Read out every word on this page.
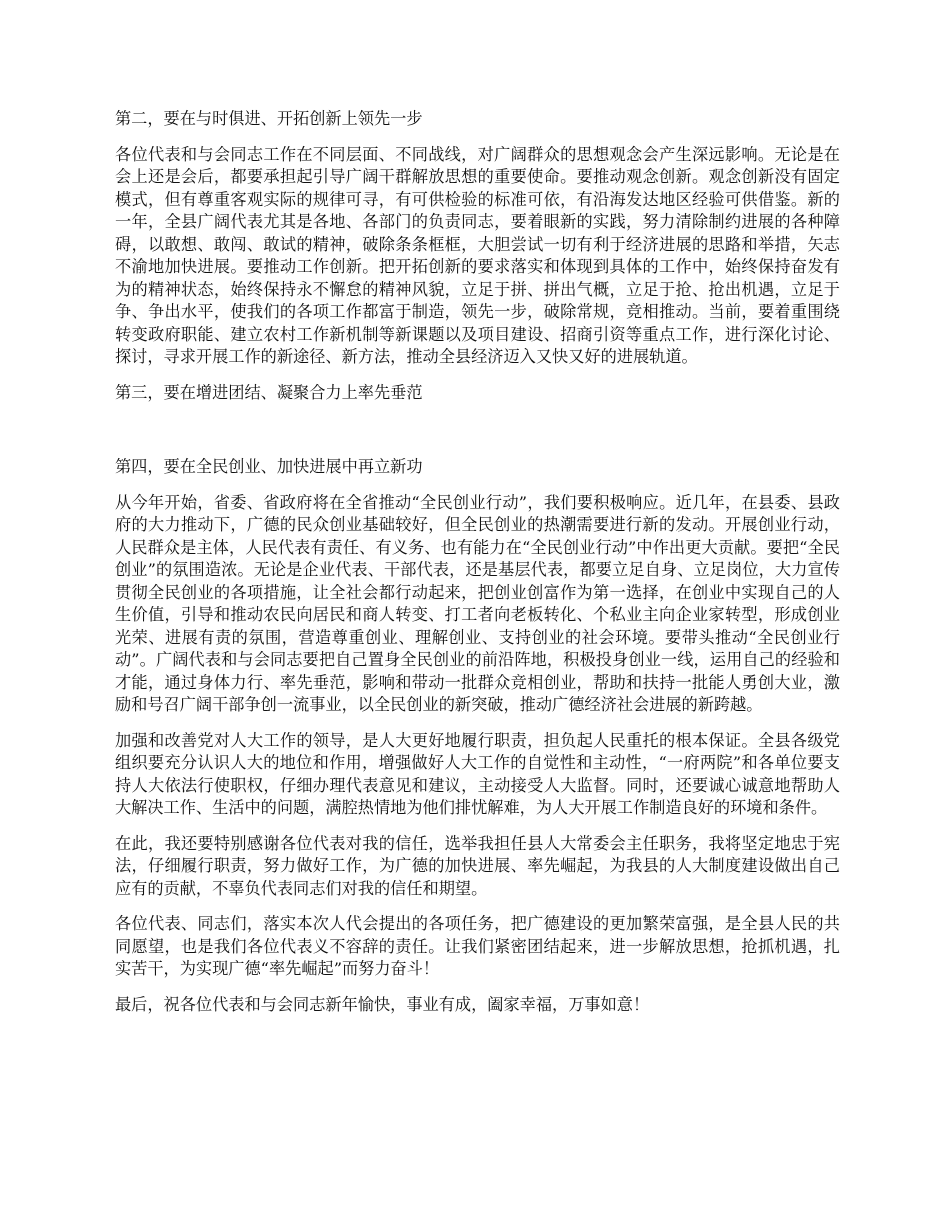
第二，要在与时俱进、开拓创新上领先一步

各位代表和与会同志工作在不同层面、不同战线，对广阔群众的思想观念会产生深远影响。无论是在会上还是会后，都要承担起引导广阔干群解放思想的重要使命。要推动观念创新。观念创新没有固定模式，但有尊重客观实际的规律可寻，有可供检验的标准可依，有沿海发达地区经验可供借鉴。新的一年，全县广阔代表尤其是各地、各部门的负责同志，要着眼新的实践，努力清除制约进展的各种障碍，以敢想、敢闯、敢试的精神，破除条条框框，大胆尝试一切有利于经济进展的思路和举措，矢志不渝地加快进展。要推动工作创新。把开拓创新的要求落实和体现到具体的工作中，始终保持奋发有为的精神状态，始终保持永不懈怠的精神风貌，立足于拼、拼出气概，立足于抢、抢出机遇，立足于争、争出水平，使我们的各项工作都富于制造，领先一步，破除常规，竞相推动。当前，要着重围绕转变政府职能、建立农村工作新机制等新课题以及项目建设、招商引资等重点工作，进行深化讨论、探讨，寻求开展工作的新途径、新方法，推动全县经济迈入又快又好的进展轨道。

第三，要在增进团结、凝聚合力上率先垂范

第四，要在全民创业、加快进展中再立新功

从今年开始，省委、省政府将在全省推动“全民创业行动”，我们要积极响应。近几年，在县委、县政府的大力推动下，广德的民众创业基础较好，但全民创业的热潮需要进行新的发动。开展创业行动，人民群众是主体，人民代表有责任、有义务、也有能力在“全民创业行动”中作出更大贡献。要把“全民创业”的氛围造浓。无论是企业代表、干部代表，还是基层代表，都要立足自身、立足岗位，大力宣传贯彻全民创业的各项措施，让全社会都行动起来，把创业创富作为第一选择，在创业中实现自己的人生价值，引导和推动农民向居民和商人转变、打工者向老板转化、个私业主向企业家转型，形成创业光荣、进展有责的氛围，营造尊重创业、理解创业、支持创业的社会环境。要带头推动“全民创业行动”。广阔代表和与会同志要把自己置身全民创业的前沿阵地，积极投身创业一线，运用自己的经验和才能，通过身体力行、率先垂范，影响和带动一批群众竞相创业，帮助和扶持一批能人勇创大业，激励和号召广阔干部争创一流事业，以全民创业的新突破，推动广德经济社会进展的新跨越。

加强和改善党对人大工作的领导，是人大更好地履行职责，担负起人民重托的根本保证。全县各级党组织要充分认识人大的地位和作用，增强做好人大工作的自觉性和主动性，“一府两院”和各单位要支持人大依法行使职权，仔细办理代表意见和建议，主动接受人大监督。同时，还要诚心诚意地帮助人大解决工作、生活中的问题，满腔热情地为他们排忧解难，为人大开展工作制造良好的环境和条件。

在此，我还要特别感谢各位代表对我的信任，选举我担任县人大常委会主任职务，我将坚定地忠于宪法，仔细履行职责，努力做好工作，为广德的加快进展、率先崛起，为我县的人大制度建设做出自己应有的贡献，不辜负代表同志们对我的信任和期望。

各位代表、同志们，落实本次人代会提出的各项任务，把广德建设的更加繁荣富强，是全县人民的共同愿望，也是我们各位代表义不容辞的责任。让我们紧密团结起来，进一步解放思想，抢抓机遇，扎实苦干，为实现广德“率先崛起”而努力奋斗！

最后，祝各位代表和与会同志新年愉快，事业有成，阖家幸福，万事如意！
